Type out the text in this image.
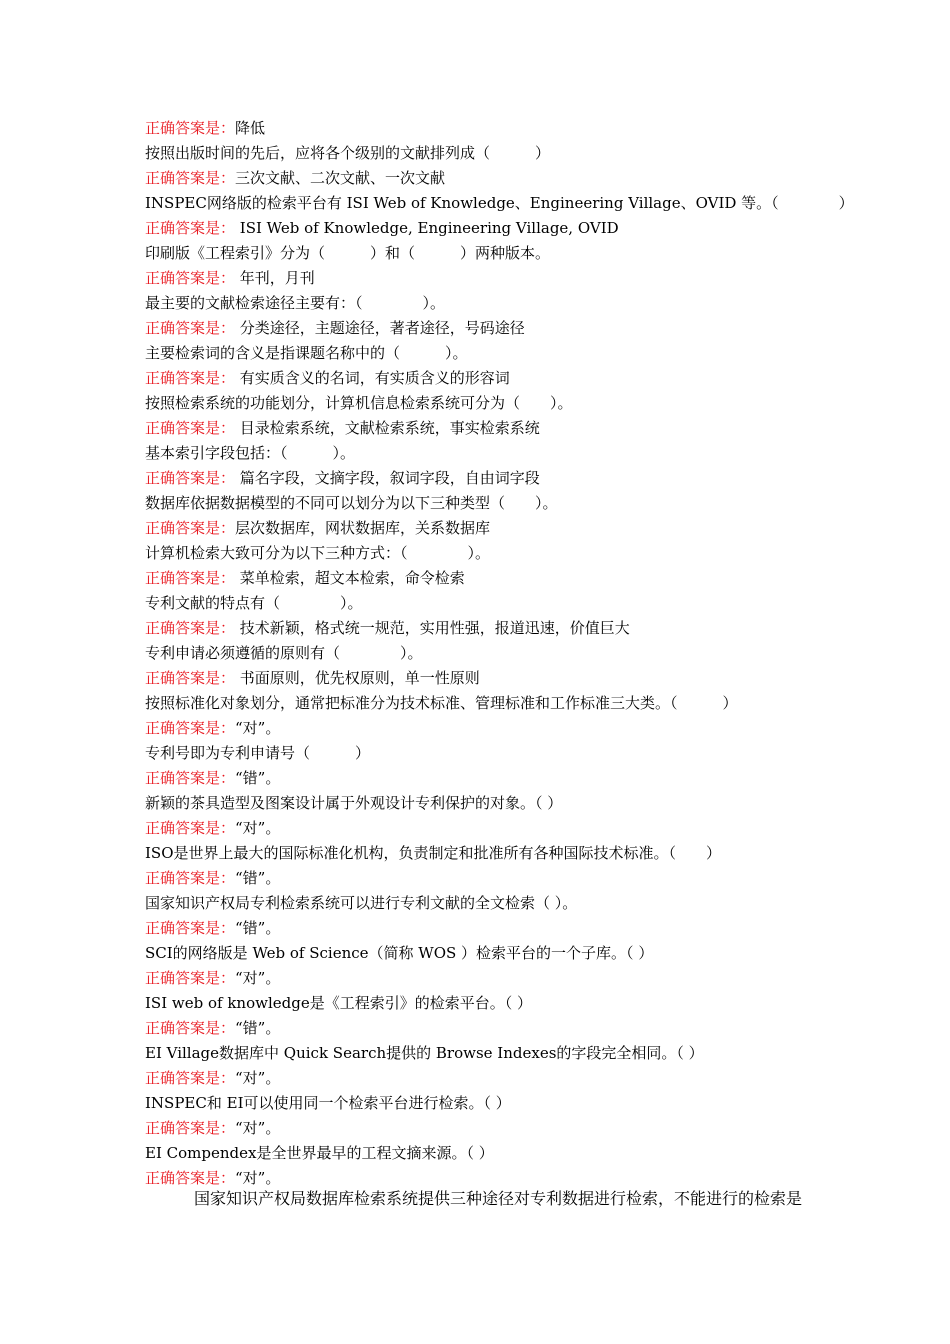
正确答案是：降低
按照出版时间的先后，应将各个级别的文献排列成（　　　）
正确答案是：三次文献、二次文献、一次文献
INSPEC网络版的检索平台有 ISI Web of Knowledge、Engineering Village、OVID 等。（　　　　）
正确答案是： ISI Web of Knowledge, Engineering Village, OVID
印刷版《工程索引》分为（　　　）和（　　　）两种版本。
正确答案是： 年刊，月刊
最主要的文献检索途径主要有：（　　　　）。
正确答案是： 分类途径，主题途径，著者途径，号码途径
主要检索词的含义是指课题名称中的（　　　）。
正确答案是： 有实质含义的名词，有实质含义的形容词
按照检索系统的功能划分，计算机信息检索系统可分为（　　）。
正确答案是： 目录检索系统，文献检索系统，事实检索系统
基本索引字段包括：（　　　）。
正确答案是： 篇名字段，文摘字段，叙词字段，自由词字段
数据库依据数据模型的不同可以划分为以下三种类型（　　）。
正确答案是：层次数据库，网状数据库，关系数据库
计算机检索大致可分为以下三种方式：（　　　　）。
正确答案是： 菜单检索，超文本检索，命令检索
专利文献的特点有（　　　　）。
正确答案是： 技术新颖，格式统一规范，实用性强，报道迅速，价值巨大
专利申请必须遵循的原则有（　　　　）。
正确答案是： 书面原则，优先权原则，单一性原则
按照标准化对象划分，通常把标准分为技术标准、管理标准和工作标准三大类。（　　　）
正确答案是：“对”。
专利号即为专利申请号（　　　）
正确答案是：“错”。
新颖的茶具造型及图案设计属于外观设计专利保护的对象。（ ）
正确答案是：“对”。
ISO是世界上最大的国际标准化机构，负责制定和批准所有各种国际技术标准。（　　）
正确答案是：“错”。
国家知识产权局专利检索系统可以进行专利文献的全文检索（ ）。
正确答案是：“错”。
SCI的网络版是 Web of Science（简称 WOS ）检索平台的一个子库。（ ）
正确答案是：“对”。
ISI web of knowledge是《工程索引》的检索平台。（ ）
正确答案是：“错”。
EI Village数据库中 Quick Search提供的 Browse Indexes的字段完全相同。（ ）
正确答案是：“对”。
INSPEC和 EI可以使用同一个检索平台进行检索。（ ）
正确答案是：“对”。
EI Compendex是全世界最早的工程文摘来源。（ ）
正确答案是：“对”。
国家知识产权局数据库检索系统提供三种途径对专利数据进行检索，不能进行的检索是
